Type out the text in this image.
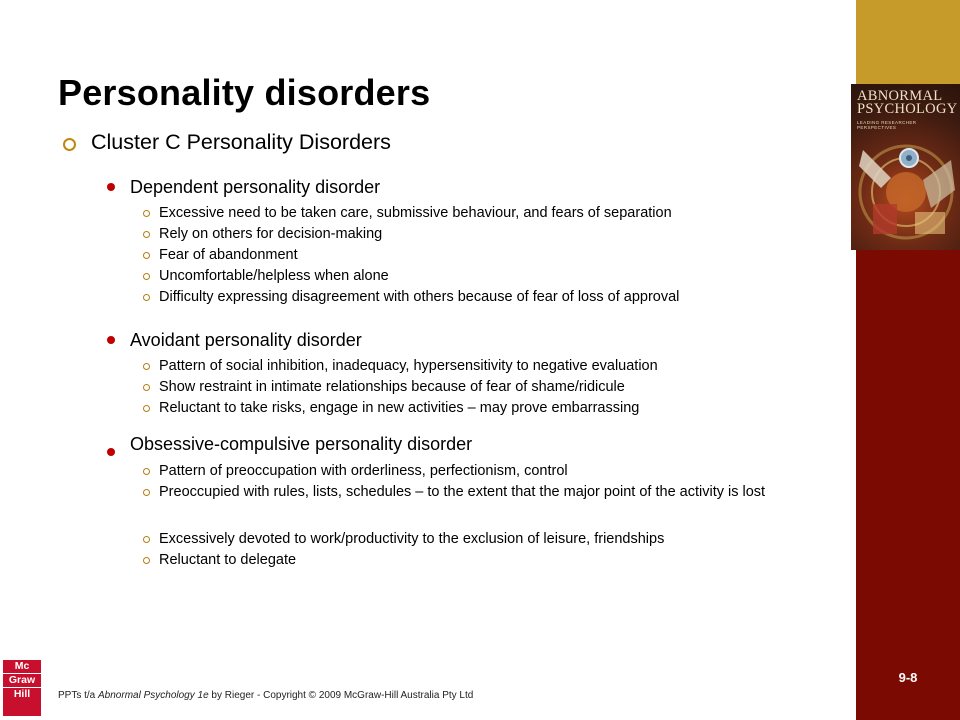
ABNORMAL
PSYCHOLOGY
LEADING RESEARCHER PERSPECTIVES
9-8
Personality disorders
Cluster C Personality Disorders
Dependent personality disorder
Excessive need to be taken care, submissive behaviour, and fears of separation
Rely on others for decision-making
Fear of abandonment
Uncomfortable/helpless when alone
Difficulty expressing disagreement with others because of fear of loss of approval
Avoidant personality disorder
Pattern of social inhibition, inadequacy, hypersensitivity to negative evaluation
Show restraint in intimate relationships because of fear of shame/ridicule
Reluctant to take risks, engage in new activities – may prove embarrassing
Obsessive-compulsive personality disorder
Pattern of preoccupation with orderliness, perfectionism, control
Preoccupied with rules, lists, schedules – to the extent that the major point of the activity is lost
Excessively devoted to work/productivity to the exclusion of leisure, friendships
Reluctant to delegate
Mc
Graw
Hill	PPTs t/a Abnormal Psychology 1e by Rieger - Copyright © 2009 McGraw-Hill Australia Pty Ltd
